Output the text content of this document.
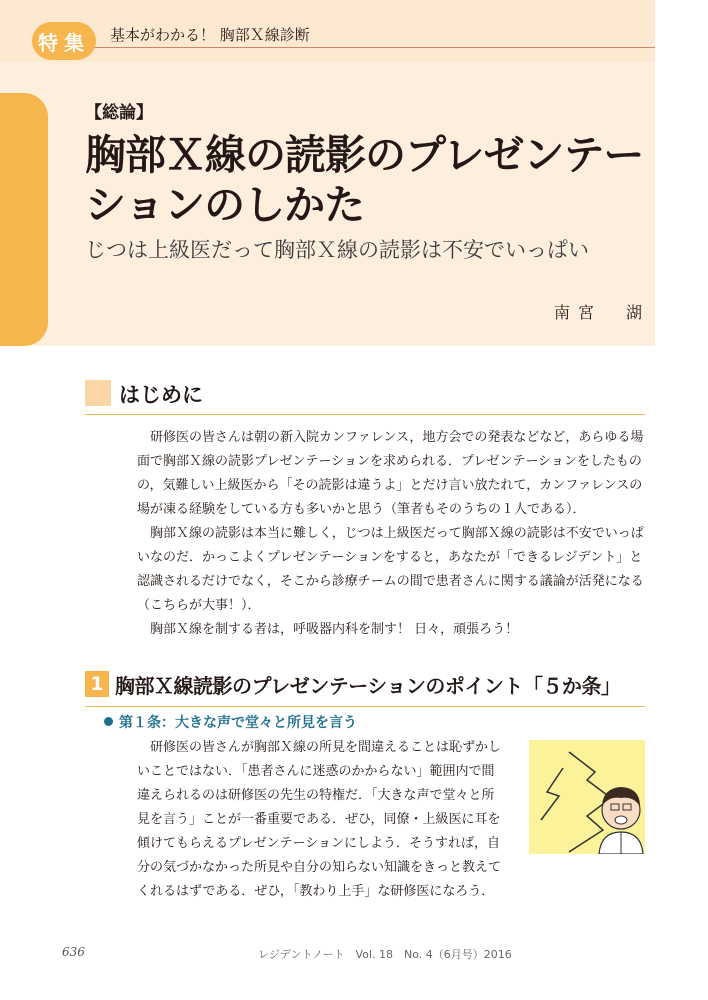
特集	基本がわかる！ 胸部Ｘ線診断
【総論】
胸部Ｘ線の読影のプレゼンテーションのしかた
じつは上級医だって胸部Ｘ線の読影は不安でいっぱい
南宮　湖
はじめに

研修医の皆さんは朝の新入院カンファレンス，地方会での発表などなど，あらゆる場面で胸部Ｘ線の読影プレゼンテーションを求められる．プレゼンテーションをしたものの，気難しい上級医から「その読影は違うよ」とだけ言い放たれて，カンファレンスの場が凍る経験をしている方も多いかと思う（筆者もそのうちの１人である）．

胸部Ｘ線の読影は本当に難しく，じつは上級医だって胸部Ｘ線の読影は不安でいっぱいなのだ．かっこよくプレゼンテーションをすると，あなたが「できるレジデント」と認識されるだけでなく，そこから診療チームの間で患者さんに関する議論が活発になる（こちらが大事！）．

胸部Ｘ線を制する者は，呼吸器内科を制す！ 日々，頑張ろう！

1 胸部Ｘ線読影のプレゼンテーションのポイント「５か条」
第１条：大きな声で堂々と所見を言う

研修医の皆さんが胸部Ｘ線の所見を間違えることは恥ずかしいことではない．「患者さんに迷惑のかからない」範囲内で間違えられるのは研修医の先生の特権だ．「大きな声で堂々と所見を言う」ことが一番重要である．ぜひ，同僚・上級医に耳を傾けてもらえるプレゼンテーションにしよう．そうすれば，自分の気づかなかった所見や自分の知らない知識をきっと教えてくれるはずである．ぜひ，「教わり上手」な研修医になろう．

636	レジデントノート　Vol. 18　No. 4（6月号）2016
